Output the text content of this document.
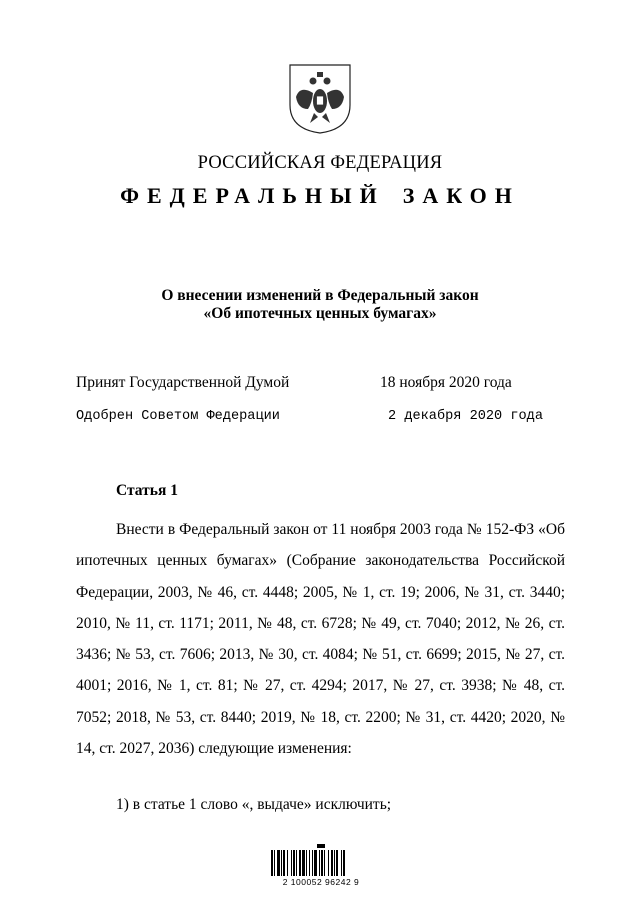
РОССИЙСКАЯ ФЕДЕРАЦИЯ
ФЕДЕРАЛЬНЫЙ ЗАКОН
О внесении изменений в Федеральный закон
«Об ипотечных ценных бумагах»
Принят Государственной Думой	18 ноября 2020 года
Одобрен Советом Федерации	2 декабря 2020 года
Статья 1
Внести в Федеральный закон от 11 ноября 2003 года № 152-ФЗ «Об ипотечных ценных бумагах» (Собрание законодательства Российской Федерации, 2003, № 46, ст. 4448; 2005, № 1, ст. 19; 2006, № 31, ст. 3440; 2010, № 11, ст. 1171; 2011, № 48, ст. 6728; № 49, ст. 7040; 2012, № 26, ст. 3436; № 53, ст. 7606; 2013, № 30, ст. 4084; № 51, ст. 6699; 2015, № 27, ст. 4001; 2016, № 1, ст. 81; № 27, ст. 4294; 2017, № 27, ст. 3938; № 48, ст. 7052; 2018, № 53, ст. 8440; 2019, № 18, ст. 2200; № 31, ст. 4420; 2020, № 14, ст. 2027, 2036) следующие изменения:
1) в статье 1 слово «, выдаче» исключить;
2 100052 96242 9
